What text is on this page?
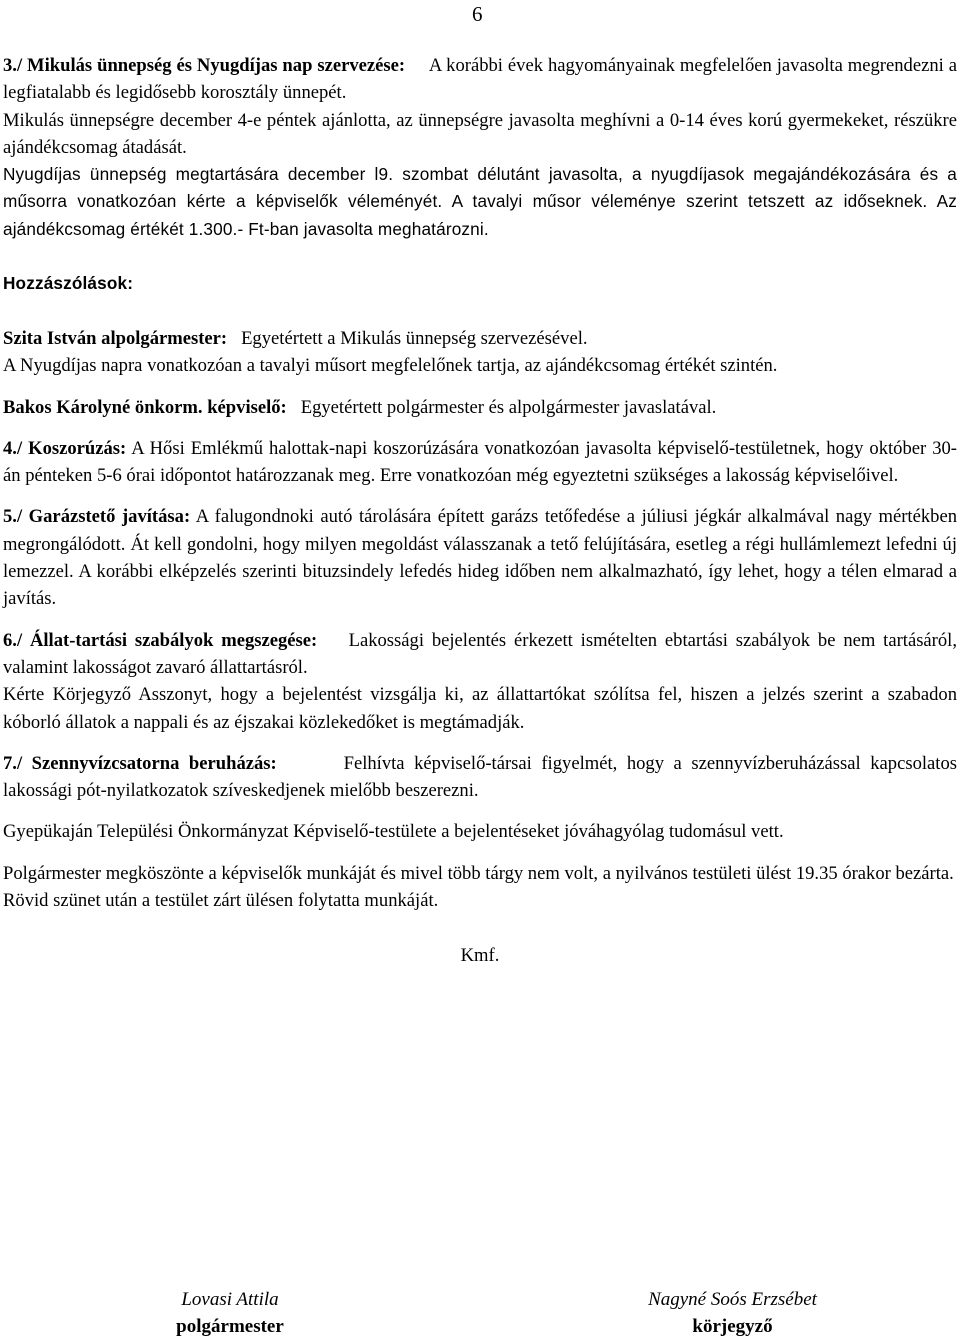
6

3./ Mikulás ünnepség és Nyugdíjas nap szervezése: A korábbi évek hagyományainak megfelelően javasolta megrendezni a legfiatalabb és legidősebb korosztály ünnepét.

Mikulás ünnepségre december 4-e péntek ajánlotta, az ünnepségre javasolta meghívni a 0-14 éves korú gyermekeket, részükre ajándékcsomag átadását.

Nyugdíjas ünnepség megtartására december l9. szombat délutánt javasolta, a nyugdíjasok megajándékozására és a műsorra vonatkozóan kérte a képviselők véleményét. A tavalyi műsor véleménye szerint tetszett az időseknek. Az ajándékcsomag értékét 1.300.- Ft-ban javasolta meghatározni.

Hozzászólások:

Szita István alpolgármester: Egyetértett a Mikulás ünnepség szervezésével.

A Nyugdíjas napra vonatkozóan a tavalyi műsort megfelelőnek tartja, az ajándékcsomag értékét szintén.

Bakos Károlyné önkorm. képviselő: Egyetértett polgármester és alpolgármester javaslatával.

4./ Koszorúzás: A Hősi Emlékmű halottak-napi koszorúzására vonatkozóan javasolta képviselő-testületnek, hogy október 30-án pénteken 5-6 órai időpontot határozzanak meg. Erre vonatkozóan még egyeztetni szükséges a lakosság képviselőivel.

5./ Garázstető javítása: A falugondnoki autó tárolására épített garázs tetőfedése a júliusi jégkár alkalmával nagy mértékben megrongálódott. Át kell gondolni, hogy milyen megoldást válasszanak a tető felújítására, esetleg a régi hullámlemezt lefedni új lemezzel. A korábbi elképzelés szerinti bituzsindely lefedés hideg időben nem alkalmazható, így lehet, hogy a télen elmarad a javítás.

6./ Állat-tartási szabályok megszegése: Lakossági bejelentés érkezett ismételten ebtartási szabályok be nem tartásáról, valamint lakosságot zavaró állattartásról.

Kérte Körjegyző Asszonyt, hogy a bejelentést vizsgálja ki, az állattartókat szólítsa fel, hiszen a jelzés szerint a szabadon kóborló állatok a nappali és az éjszakai közlekedőket is megtámadják.

7./ Szennyvízcsatorna beruházás:	Felhívta képviselő-társai figyelmét, hogy a szennyvízberuházással kapcsolatos lakossági pót-nyilatkozatok szíveskedjenek mielőbb beszerezni.

Gyepükaján Települési Önkormányzat Képviselő-testülete a bejelentéseket jóváhagyólag tudomásul vett.

Polgármester megköszönte a képviselők munkáját és mivel több tárgy nem volt, a nyilvános testületi ülést 19.35 órakor bezárta.

Rövid szünet után a testület zárt ülésen folytatta munkáját.

Kmf.

Lovasi Attila
polgármester
Nagyné Soós Erzsébet
körjegyző
